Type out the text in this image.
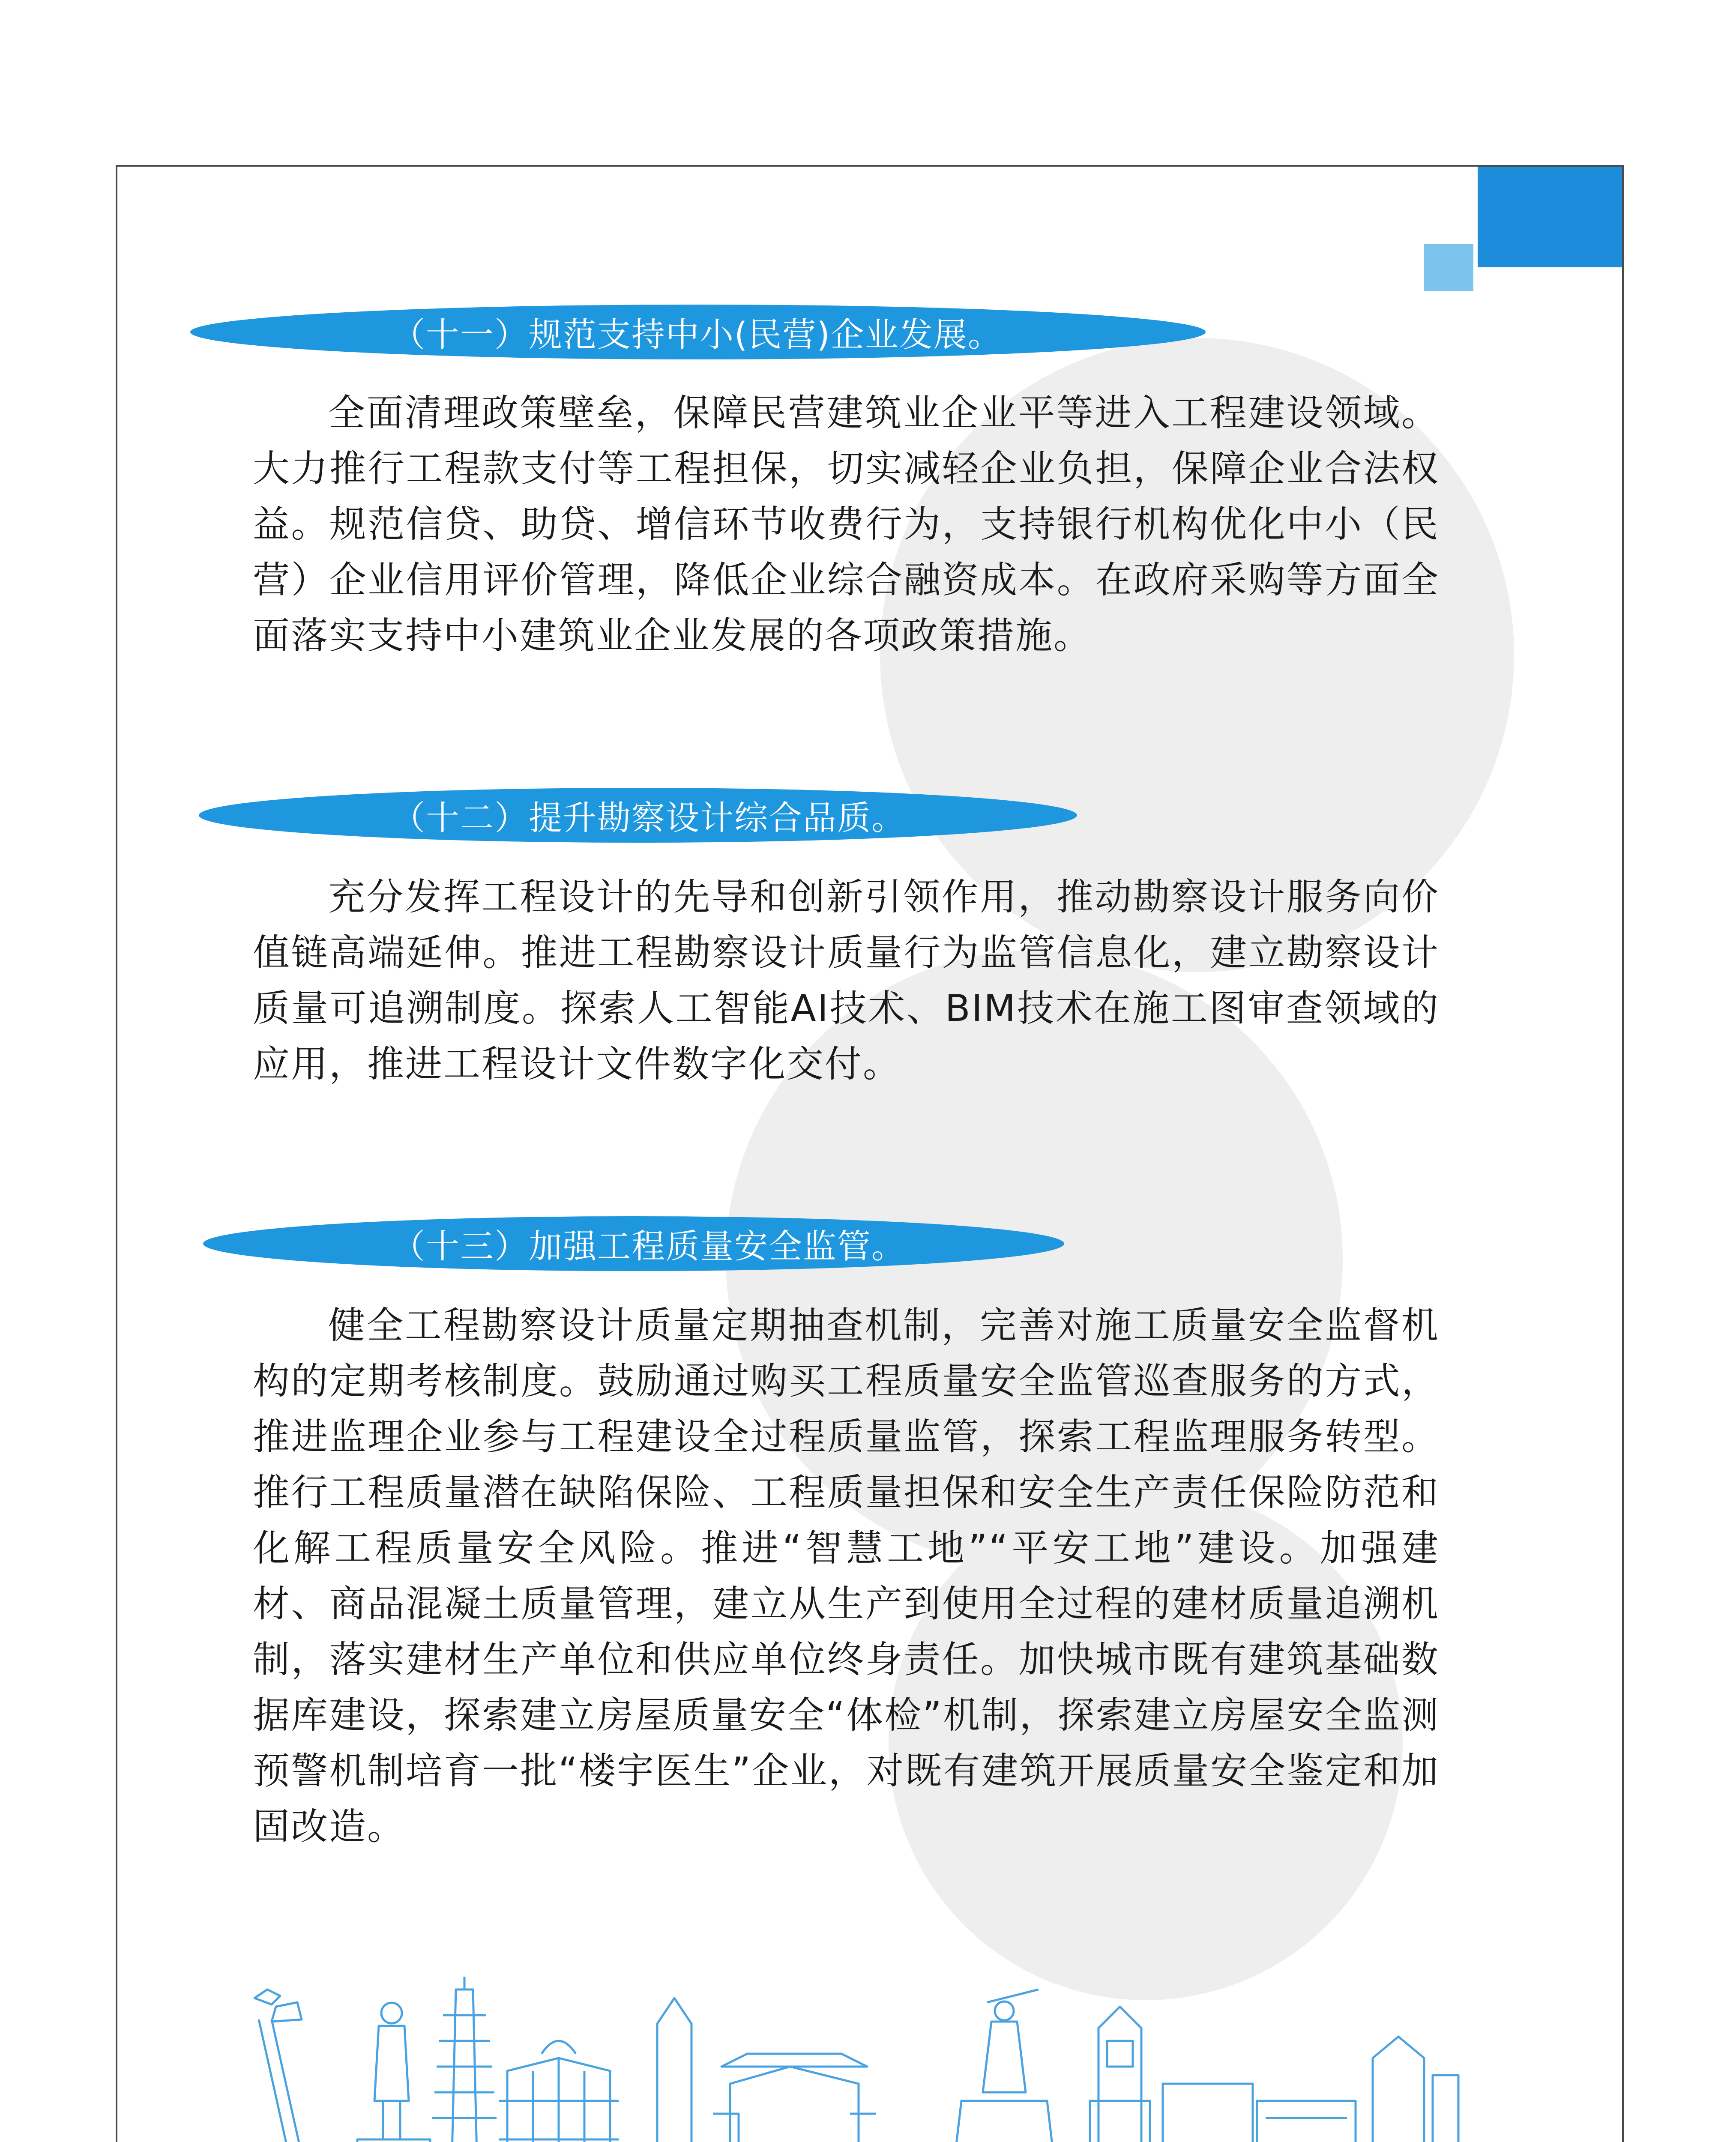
（十一）规范支持中小(民营)企业发展。

全面清理政策壁垒，保障民营建筑业企业平等进入工程建设领域。大力推行工程款支付等工程担保，切实减轻企业负担，保障企业合法权益。规范信贷、助贷、增信环节收费行为，支持银行机构优化中小（民营）企业信用评价管理，降低企业综合融资成本。在政府采购等方面全面落实支持中小建筑业企业发展的各项政策措施。

（十二）提升勘察设计综合品质。

充分发挥工程设计的先导和创新引领作用，推动勘察设计服务向价值链高端延伸。推进工程勘察设计质量行为监管信息化，建立勘察设计质量可追溯制度。探索人工智能AI技术、BIM技术在施工图审查领域的应用，推进工程设计文件数字化交付。

（十三）加强工程质量安全监管。

健全工程勘察设计质量定期抽查机制，完善对施工质量安全监督机构的定期考核制度。鼓励通过购买工程质量安全监管巡查服务的方式，推进监理企业参与工程建设全过程质量监管，探索工程监理服务转型。推行工程质量潜在缺陷保险、工程质量担保和安全生产责任保险防范和化解工程质量安全风险。推进“智慧工地”“平安工地”建设。加强建材、商品混凝土质量管理，建立从生产到使用全过程的建材质量追溯机制，落实建材生产单位和供应单位终身责任。加快城市既有建筑基础数据库建设，探索建立房屋质量安全“体检”机制，探索建立房屋安全监测预警机制培育一批“楼宇医生”企业，对既有建筑开展质量安全鉴定和加固改造。
